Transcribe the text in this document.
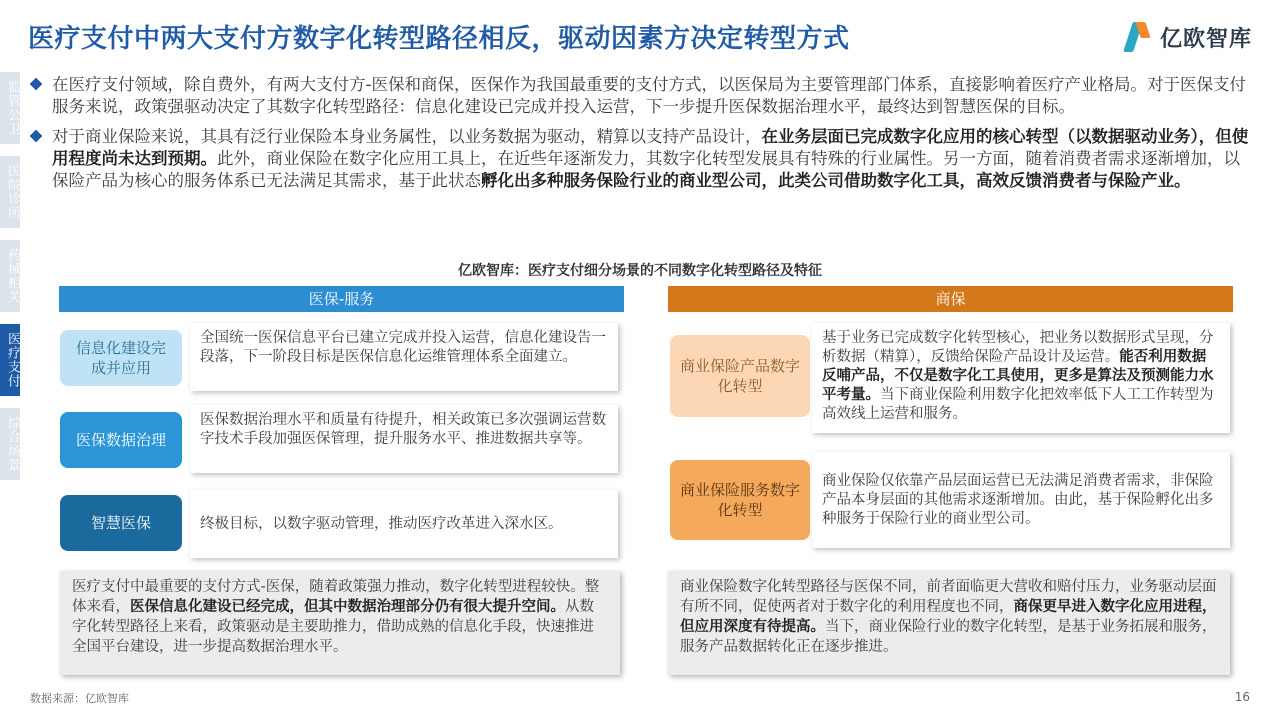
医疗支付中两大支付方数字化转型路径相反，驱动因素方决定转型方式	亿欧智库
监管公卫
医院诊所
药械相关
医疗支付
综合场景
在医疗支付领域，除自费外，有两大支付方-医保和商保，医保作为我国最重要的支付方式，以医保局为主要管理部门体系，直接影响着医疗产业格局。对于医保支付服务来说，政策强驱动决定了其数字化转型路径：信息化建设已完成并投入运营，下一步提升医保数据治理水平，最终达到智慧医保的目标。
对于商业保险来说，其具有泛行业保险本身业务属性，以业务数据为驱动，精算以支持产品设计，在业务层面已完成数字化应用的核心转型（以数据驱动业务），但使用程度尚未达到预期。此外，商业保险在数字化应用工具上，在近些年逐渐发力，其数字化转型发展具有特殊的行业属性。另一方面，随着消费者需求逐渐增加，以保险产品为核心的服务体系已无法满足其需求，基于此状态孵化出多种服务保险行业的商业型公司，此类公司借助数字化工具，高效反馈消费者与保险产业。
亿欧智库：医疗支付细分场景的不同数字化转型路径及特征
医保-服务	商保
信息化建设完成并应用
全国统一医保信息平台已建立完成并投入运营，信息化建设告一段落，下一阶段目标是医保信息化运维管理体系全面建立。
医保数据治理
医保数据治理水平和质量有待提升，相关政策已多次强调运营数字技术手段加强医保管理，提升服务水平、推进数据共享等。
智慧医保	终极目标，以数字驱动管理，推动医疗改革进入深水区。
商业保险产品数字化转型
基于业务已完成数字化转型核心，把业务以数据形式呈现，分析数据（精算），反馈给保险产品设计及运营。能否利用数据反哺产品，不仅是数字化工具使用，更多是算法及预测能力水平考量。当下商业保险利用数字化把效率低下人工工作转型为高效线上运营和服务。
商业保险服务数字化转型
商业保险仅依靠产品层面运营已无法满足消费者需求，非保险产品本身层面的其他需求逐渐增加。由此，基于保险孵化出多种服务于保险行业的商业型公司。
医疗支付中最重要的支付方式-医保，随着政策强力推动，数字化转型进程较快。整体来看，医保信息化建设已经完成，但其中数据治理部分仍有很大提升空间。从数字化转型路径上来看，政策驱动是主要助推力，借助成熟的信息化手段，快速推进全国平台建设，进一步提高数据治理水平。
商业保险数字化转型路径与医保不同，前者面临更大营收和赔付压力，业务驱动层面有所不同，促使两者对于数字化的利用程度也不同，商保更早进入数字化应用进程，但应用深度有待提高。当下，商业保险行业的数字化转型，是基于业务拓展和服务，服务产品数据转化正在逐步推进。
数据来源：亿欧智库	16
